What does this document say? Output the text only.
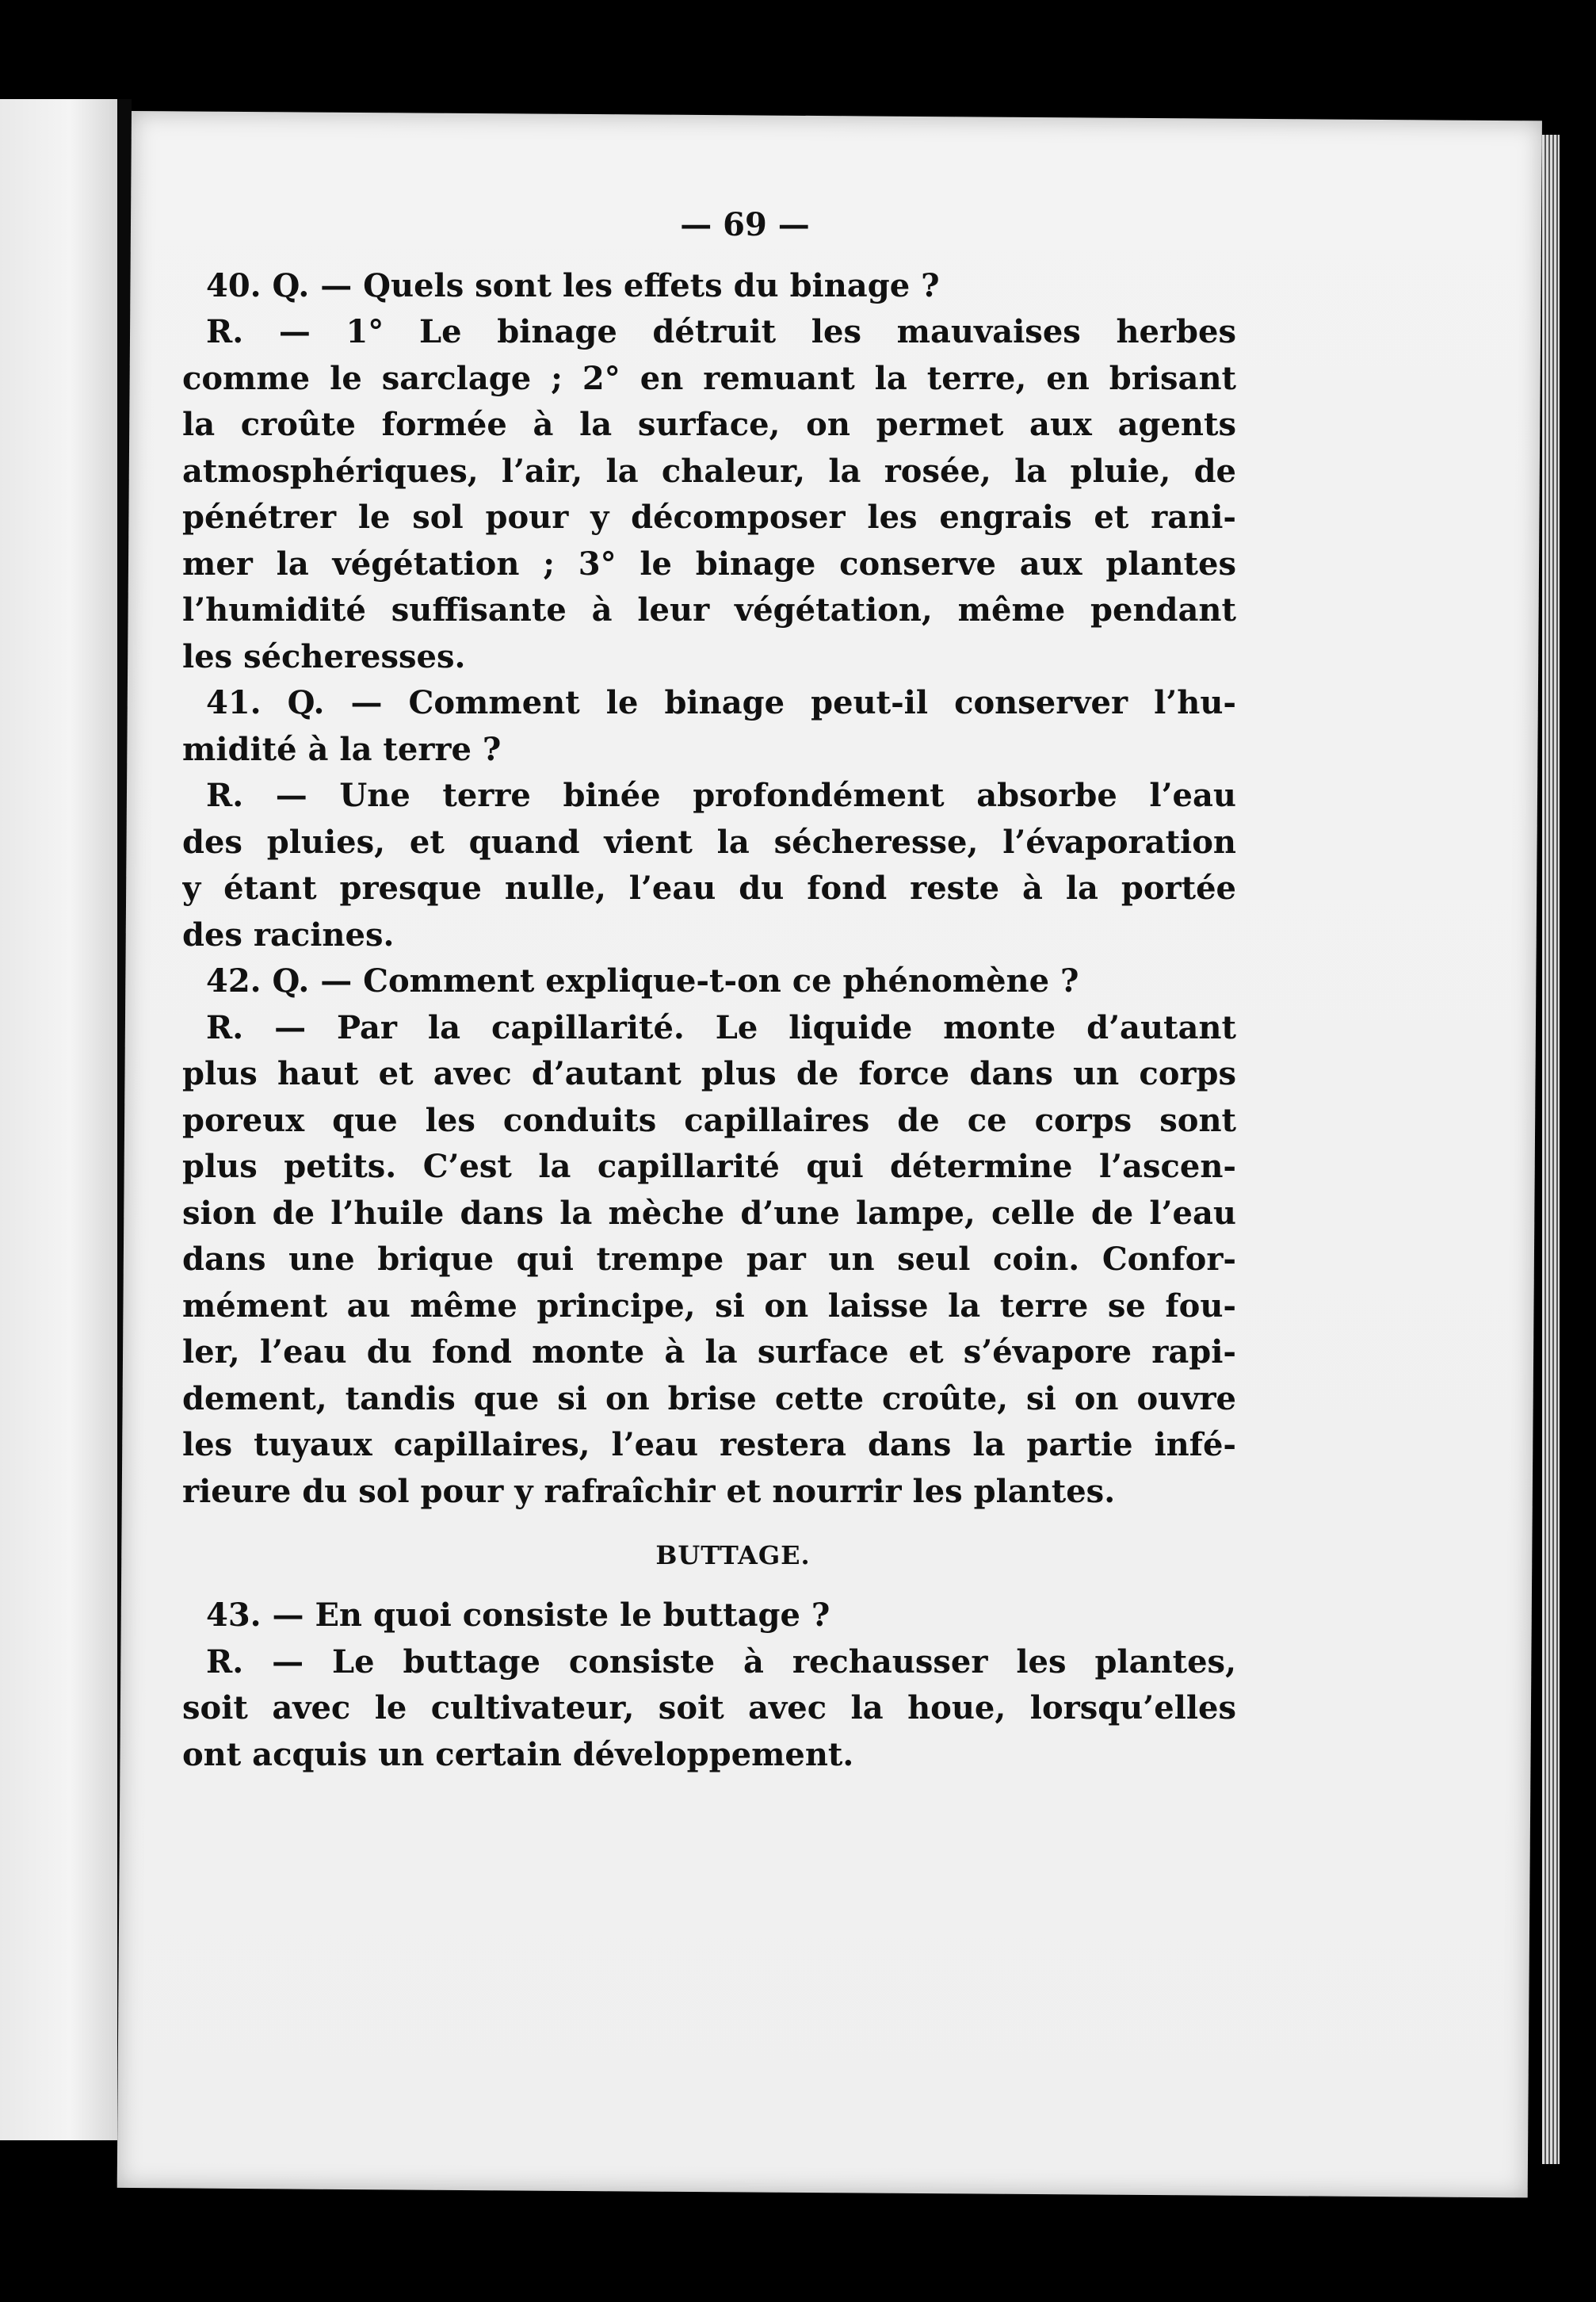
— 69 —
40. Q. — Quels sont les effets du binage ?
R. — 1° Le binage détruit les mauvaises herbes
comme le sarclage ; 2° en remuant la terre, en brisant
la croûte formée à la surface, on permet aux agents
atmosphériques, l’air, la chaleur, la rosée, la pluie, de
pénétrer le sol pour y décomposer les engrais et rani-
mer la végétation ; 3° le binage conserve aux plantes
l’humidité suffisante à leur végétation, même pendant
les sécheresses.
41. Q. — Comment le binage peut-il conserver l’hu-
midité à la terre ?
R. — Une terre binée profondément absorbe l’eau
des pluies, et quand vient la sécheresse, l’évaporation
y étant presque nulle, l’eau du fond reste à la portée
des racines.
42. Q. — Comment explique-t-on ce phénomène ?
R. — Par la capillarité. Le liquide monte d’autant
plus haut et avec d’autant plus de force dans un corps
poreux que les conduits capillaires de ce corps sont
plus petits. C’est la capillarité qui détermine l’ascen-
sion de l’huile dans la mèche d’une lampe, celle de l’eau
dans une brique qui trempe par un seul coin. Confor-
mément au même principe, si on laisse la terre se fou-
ler, l’eau du fond monte à la surface et s’évapore rapi-
dement, tandis que si on brise cette croûte, si on ouvre
les tuyaux capillaires, l’eau restera dans la partie infé-
rieure du sol pour y rafraîchir et nourrir les plantes.
BUTTAGE.
43. — En quoi consiste le buttage ?
R. — Le buttage consiste à rechausser les plantes,
soit avec le cultivateur, soit avec la houe, lorsqu’elles
ont acquis un certain développement.
